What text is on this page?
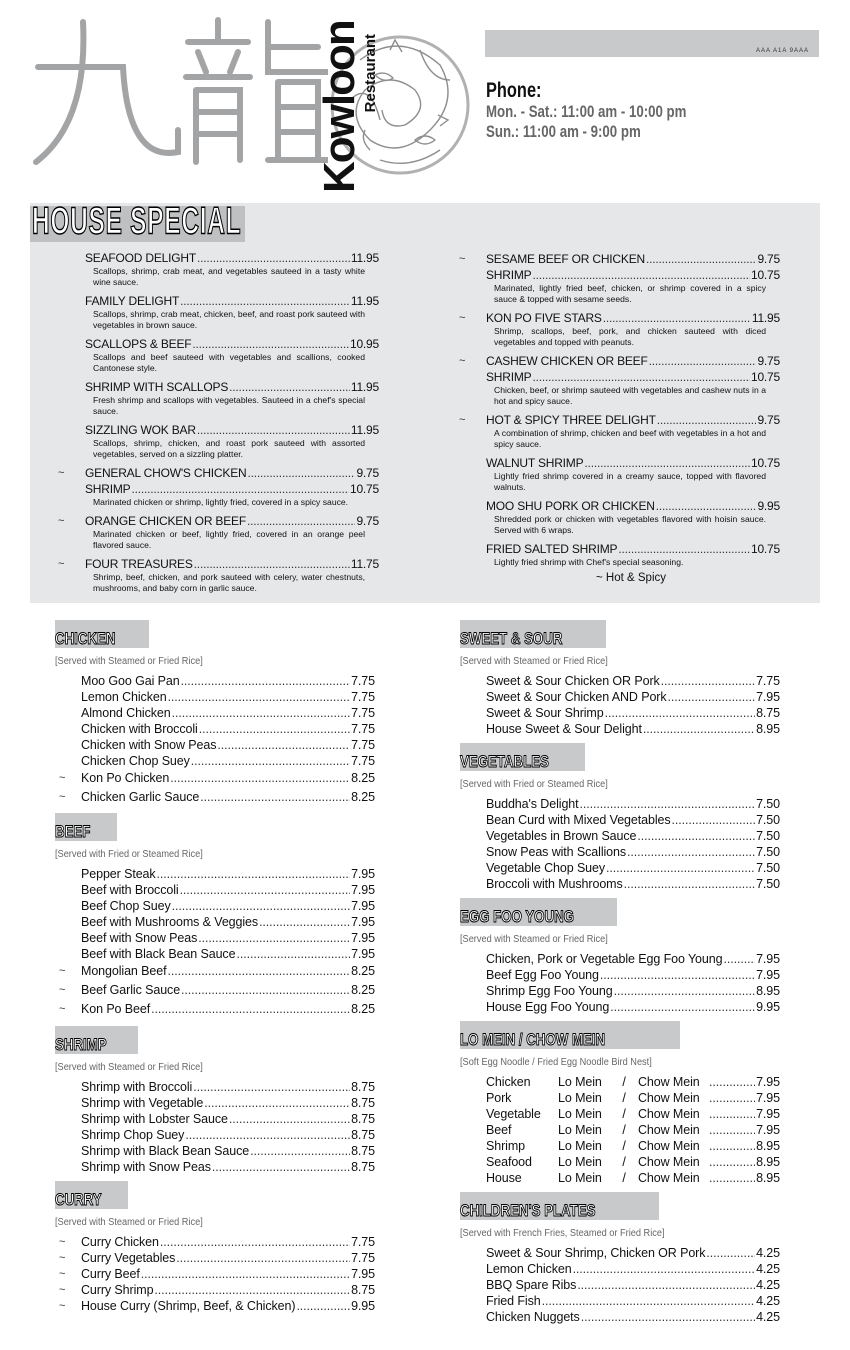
Kowloon
Restaurant	AAA A1A 9AAA
Phone:
Mon. - Sat.: 11:00 am - 10:00 pm
Sun.: 11:00 am - 9:00 pm
HOUSE SPECIAL
SEAFOOD DELIGHT .....	11.95
Scallops, shrimp, crab meat, and vegetables sauteed in a tasty white wine sauce.
FAMILY DELIGHT .....	11.95
Scallops, shrimp, crab meat, chicken, beef, and roast pork sauteed with vegetables in brown sauce.
SCALLOPS & BEEF .....	10.95
Scallops and beef sauteed with vegetables and scallions, cooked Cantonese style.
SHRIMP WITH SCALLOPS .....	11.95
Fresh shrimp and scallops with vegetables. Sauteed in a chef's special sauce.
SIZZLING WOK BAR .....	11.95
Scallops, shrimp, chicken, and roast pork sauteed with assorted vegetables, served on a sizzling platter.
~ GENERAL CHOW'S CHICKEN .....	9.75
SHRIMP .....	10.75
Marinated chicken or shrimp, lightly fried, covered in a spicy sauce.
~ ORANGE CHICKEN OR BEEF .....	9.75
Marinated chicken or beef, lightly fried, covered in an orange peel flavored sauce.
~ FOUR TREASURES .....	11.75
Shrimp, beef, chicken, and pork sauteed with celery, water chestnuts, mushrooms, and baby corn in garlic sauce.
~ SESAME BEEF OR CHICKEN .....	9.75
SHRIMP .....	10.75
Marinated, lightly fried beef, chicken, or shrimp covered in a spicy sauce & topped with sesame seeds.
~ KON PO FIVE STARS .....	11.95
Shrimp, scallops, beef, pork, and chicken sauteed with diced vegetables and topped with peanuts.
~ CASHEW CHICKEN OR BEEF .....	9.75
SHRIMP .....	10.75
Chicken, beef, or shrimp sauteed with vegetables and cashew nuts in a hot and spicy sauce.
~ HOT & SPICY THREE DELIGHT .....	9.75
A combination of shrimp, chicken and beef with vegetables in a hot and spicy sauce.
WALNUT SHRIMP .....	10.75
Lightly fried shrimp covered in a creamy sauce, topped with flavored walnuts.
MOO SHU PORK OR CHICKEN .....	9.95
Shredded pork or chicken with vegetables flavored with hoisin sauce. Served with 6 wraps.
FRIED SALTED SHRIMP .....	10.75
Lightly fried shrimp with Chef's special seasoning.
~ Hot & Spicy
CHICKEN
[Served with Steamed or Fried Rice]
Moo Goo Gai Pan .....	7.75
Lemon Chicken .....	7.75
Almond Chicken .....	7.75
Chicken with Broccoli .....	7.75
Chicken with Snow Peas .....	7.75
Chicken Chop Suey .....	7.75
Kon Po Chicken .....	8.25
~
Chicken Garlic Sauce .....	8.25
~
BEEF
[Served with Fried or Steamed Rice]
Pepper Steak .....	7.95
Beef with Broccoli .....	7.95
Beef Chop Suey .....	7.95
Beef with Mushrooms & Veggies .....	7.95
Beef with Snow Peas .....	7.95
Beef with Black Bean Sauce .....	7.95
Mongolian Beef .....	8.25
~
Beef Garlic Sauce .....	8.25
~
Kon Po Beef .....	8.25
~
SHRIMP
[Served with Steamed or Fried Rice]
Shrimp with Broccoli .....	8.75
Shrimp with Vegetable .....	8.75
Shrimp with Lobster Sauce .....	8.75
Shrimp Chop Suey .....	8.75
Shrimp with Black Bean Sauce .....	8.75
Shrimp with Snow Peas .....	8.75
CURRY
[Served with Steamed or Fried Rice]
Curry Chicken .....	7.75
~
Curry Vegetables .....	7.75
~
Curry Beef .....	7.95
~
Curry Shrimp .....	8.75
~
House Curry (Shrimp, Beef, & Chicken) .....	9.95
~
SWEET & SOUR
[Served with Steamed or Fried Rice]
Sweet & Sour Chicken OR Pork .....	7.75
Sweet & Sour Chicken AND Pork .....	7.95
Sweet & Sour Shrimp .....	8.75
House Sweet & Sour Delight .....	8.95
VEGETABLES
[Served with Fried or Steamed Rice]
Buddha's Delight .....	7.50
Bean Curd with Mixed Vegetables .....	7.50
Vegetables in Brown Sauce .....	7.50
Snow Peas with Scallions .....	7.50
Vegetable Chop Suey .....	7.50
Broccoli with Mushrooms .....	7.50
EGG FOO YOUNG
[Served with Steamed or Fried Rice]
Chicken, Pork or Vegetable Egg Foo Young .....	7.95
Beef Egg Foo Young .....	7.95
Shrimp Egg Foo Young .....	8.95
House Egg Foo Young .....	9.95
LO MEIN / CHOW MEIN
[Soft Egg Noodle / Fried Egg Noodle Bird Nest]
Chicken	Lo Mein	/ Chow Mein .....	7.95
Pork	Lo Mein	/ Chow Mein .....	7.95
Vegetable	Lo Mein	/ Chow Mein .....	7.95
Beef	Lo Mein	/ Chow Mein .....	7.95
Shrimp	Lo Mein	/ Chow Mein .....	8.95
Seafood	Lo Mein	/ Chow Mein .....	8.95
House	Lo Mein	/ Chow Mein .....	8.95
CHILDREN'S PLATES
[Served with French Fries, Steamed or Fried Rice]
Sweet & Sour Shrimp, Chicken OR Pork .....	4.25
Lemon Chicken .....	4.25
BBQ Spare Ribs .....	4.25
Fried Fish .....	4.25
Chicken Nuggets .....	4.25
